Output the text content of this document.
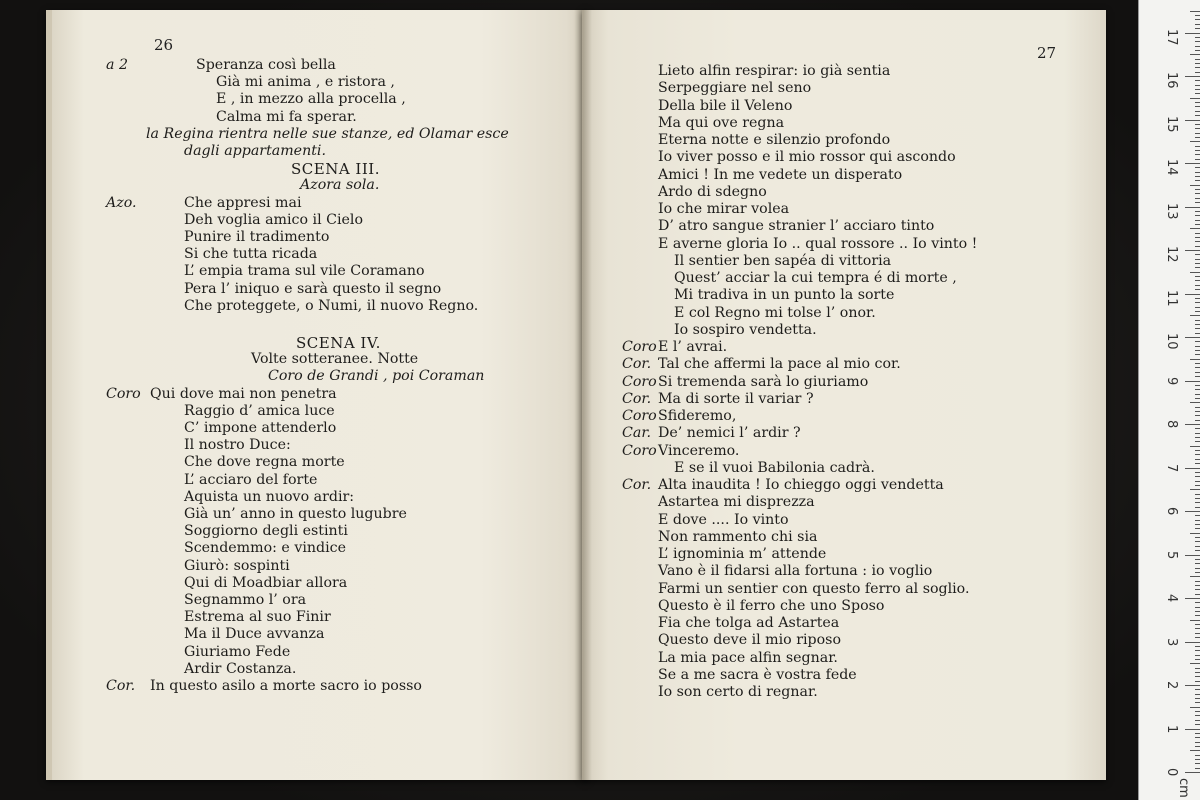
26
Speranza così bella
a 2
Già mi anima , e ristora ,
E , in mezzo alla procella ,
Calma mi fa sperar.
la Regina rientra nelle sue stanze, ed Olamar esce
dagli appartamenti.
SCENA III.
Azora sola.
Che appresi mai
Azo.
Deh voglia amico il Cielo
Punire il tradimento
Si che tutta ricada
L’ empia trama sul vile Coramano
Pera l’ iniquo e sarà questo il segno
Che proteggete, o Numi, il nuovo Regno.
SCENA IV.
Volte sotteranee. Notte
Coro de Grandi , poi Coraman
Qui dove mai non penetra
Coro
Raggio d’ amica luce
C’ impone attenderlo
Il nostro Duce:
Che dove regna morte
L’ acciaro del forte
Aquista un nuovo ardir:
Già un’ anno in questo lugubre
Soggiorno degli estinti
Scendemmo: e vindice
Giurò: sospinti
Qui di Moadbiar allora
Segnammo l’ ora
Estrema al suo Finir
Ma il Duce avvanza
Giuriamo Fede
Ardir Costanza.
In questo asilo a morte sacro io posso
Cor.
27
Lieto alfin respirar: io già sentia
Serpeggiare nel seno
Della bile il Veleno
Ma qui ove regna
Eterna notte e silenzio profondo
Io viver posso e il mio rossor qui ascondo
Amici ! In me vedete un disperato
Ardo di sdegno
Io che mirar volea
D’ atro sangue stranier l’ acciaro tinto
E averne gloria Io .. qual rossore .. Io vinto !
Il sentier ben sapéa di vittoria
Quest’ acciar la cui tempra é di morte ,
Mi tradiva in un punto la sorte
E col Regno mi tolse l’ onor.
Io sospiro vendetta.
E l’ avrai.
Coro
Tal che affermi la pace al mio cor.
Cor.
Si tremenda sarà lo giuriamo
Coro
Ma di sorte il variar ?
Cor.
Sfideremo,
Coro
De’ nemici l’ ardir ?
Car.
Vinceremo.
Coro
E se il vuoi Babilonia cadrà.
Alta inaudita ! Io chieggo oggi vendetta
Cor.
Astartea mi disprezza
E dove .... Io vinto
Non rammento chi sia
L’ ignominia m’ attende
Vano è il fidarsi alla fortuna : io voglio
Farmi un sentier con questo ferro al soglio.
Questo è il ferro che uno Sposo
Fia che tolga ad Astartea
Questo deve il mio riposo
La mia pace alfin segnar.
Se a me sacra è vostra fede
Io son certo di regnar.
0
1
2
3
4
5
6
7
8
9
10
11
12
13
14
15
16
17
cm
